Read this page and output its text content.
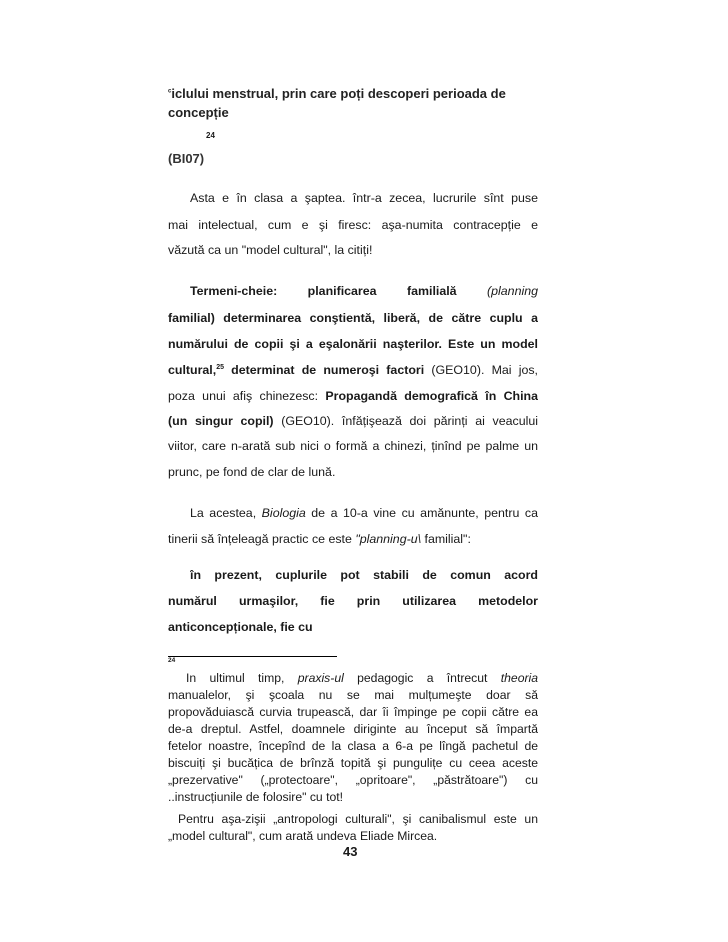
$^c$iclului menstrual, prin care poți descoperi perioada de
concepție
24
(BI07)
Asta e în clasa a şaptea. într-a zecea, lucrurile sînt puse
mai intelectual, cum e şi firesc: aşa-numita contracepție e
văzută ca un "model cultural", la citiți!
Termeni-cheie: planificarea familială (planning
familial) determinarea conştientă, liberă, de către cuplu a
numărului de copii şi a eşalonării naşterilor. Este un model
cultural,$^{25}$ determinat de numeroşi factori (GEO10). Mai jos,
poza unui afiş chinezesc: Propagandă demografică în China
(un singur copil) (GEO10). înfățişează doi părinți ai veacului
viitor, care n-arată sub nici o formă a chinezi, ținînd pe palme un
prunc, pe fond de clar de lună.
La acestea, Biologia de a 10-a vine cu amănunte, pentru ca
tinerii să înțeleagă practic ce este "planning-u\ familial":
în prezent, cuplurile pot stabili de comun acord
numărul urmaşilor, fie prin utilizarea metodelor
anticoncepționale, fie cu
24
In ultimul timp, praxis-ul pedagogic a întrecut theoria
manualelor, şi şcoala nu se mai mulțumeşte doar să
propovăduiască curvia trupească, dar îi împinge pe copii către ea
de-a dreptul. Astfel, doamnele diriginte au început să împartă
fetelor noastre, începînd de la clasa a 6-a pe lîngă pachetul de
biscuiți şi bucățica de brînză topită şi pungulițe cu ceea aceste
„prezervative" („protectoare", „opritoare", „păstrătoare") cu
..instrucțiunile de folosire" cu tot!
Pentru aşa-zişii „antropologi culturali", şi canibalismul este un
„model cultural", cum arată undeva Eliade Mircea.
43
